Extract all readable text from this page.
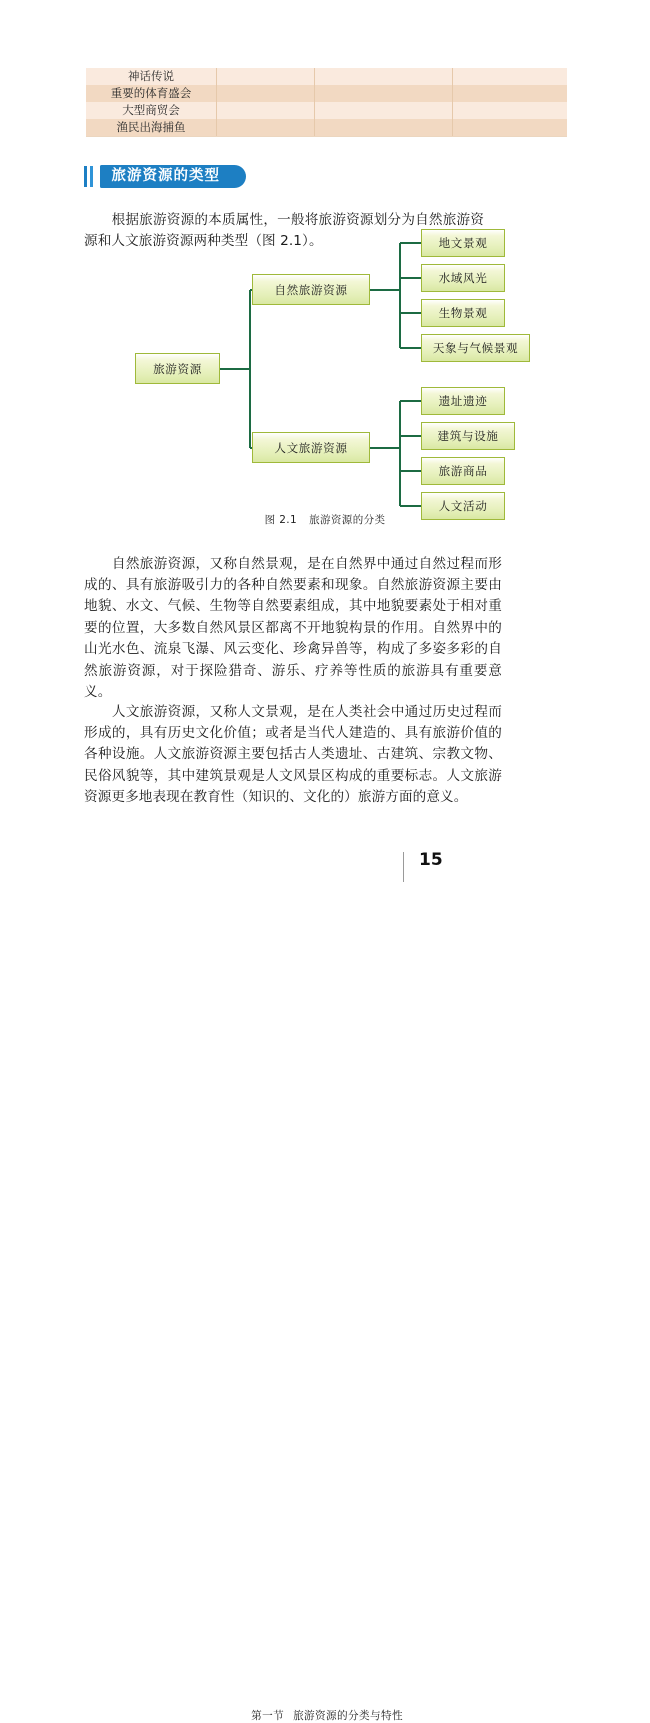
神话传说			
重要的体育盛会			
大型商贸会			
渔民出海捕鱼			
旅游资源的类型

根据旅游资源的本质属性，一般将旅游资源划分为自然旅游资源和人文旅游资源两种类型（图 2.1）。

旅游资源
自然旅游资源
人文旅游资源
地文景观
水域风光
生物景观
天象与气候景观
遗址遗迹
建筑与设施
旅游商品
人文活动
图 2.1 旅游资源的分类

自然旅游资源，又称自然景观，是在自然界中通过自然过程而形成的、具有旅游吸引力的各种自然要素和现象。自然旅游资源主要由地貌、水文、气候、生物等自然要素组成，其中地貌要素处于相对重要的位置，大多数自然风景区都离不开地貌构景的作用。自然界中的山光水色、流泉飞瀑、风云变化、珍禽异兽等，构成了多姿多彩的自然旅游资源，对于探险猎奇、游乐、疗养等性质的旅游具有重要意义。

人文旅游资源，又称人文景观，是在人类社会中通过历史过程而形成的，具有历史文化价值；或者是当代人建造的、具有旅游价值的各种设施。人文旅游资源主要包括古人类遗址、古建筑、宗教文物、民俗风貌等，其中建筑景观是人文风景区构成的重要标志。人文旅游资源更多地表现在教育性（知识的、文化的）旅游方面的意义。

第一节 旅游资源的分类与特性
15
